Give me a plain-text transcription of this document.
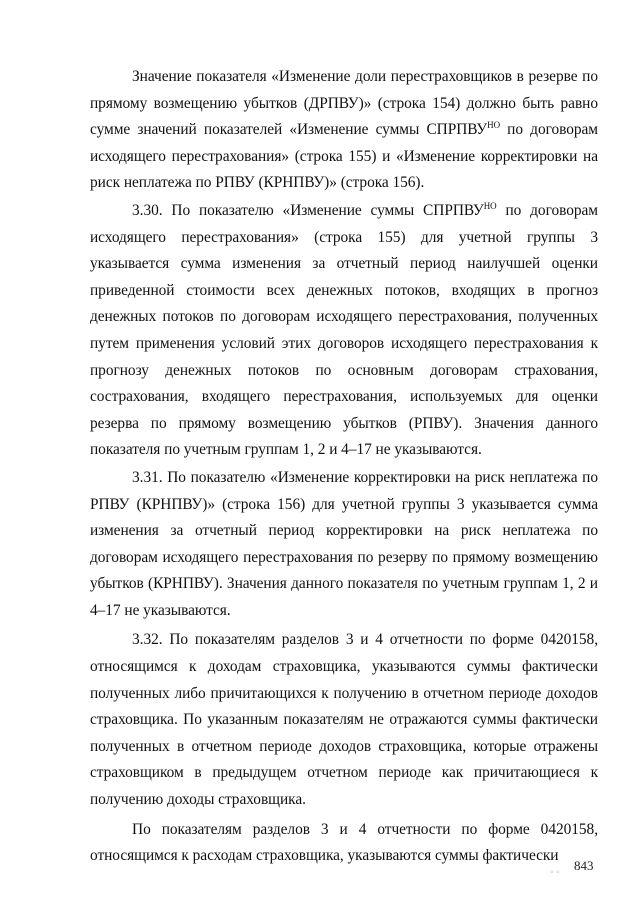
Значение показателя «Изменение доли перестраховщиков в резерве по прямому возмещению убытков (ДРПВУ)» (строка 154) должно быть равно сумме значений показателей «Изменение суммы $СПРПВУ^{НО}$ по договорам исходящего перестрахования» (строка 155) и «Изменение корректировки на риск неплатежа по РПВУ (КРНПВУ)» (строка 156).

3.30. По показателю «Изменение суммы $СПРПВУ^{НО}$ по договорам исходящего перестрахования» (строка 155) для учетной группы 3 указывается сумма изменения за отчетный период наилучшей оценки приведенной стоимости всех денежных потоков, входящих в прогноз денежных потоков по договорам исходящего перестрахования, полученных путем применения условий этих договоров исходящего перестрахования к прогнозу денежных потоков по основным договорам страхования, сострахования, входящего перестрахования, используемых для оценки резерва по прямому возмещению убытков (РПВУ). Значения данного показателя по учетным группам 1, 2 и 4–17 не указываются.

3.31. По показателю «Изменение корректировки на риск неплатежа по РПВУ (КРНПВУ)» (строка 156) для учетной группы 3 указывается сумма изменения за отчетный период корректировки на риск неплатежа по договорам исходящего перестрахования по резерву по прямому возмещению убытков (КРНПВУ). Значения данного показателя по учетным группам 1, 2 и 4–17 не указываются.

3.32. По показателям разделов 3 и 4 отчетности по форме 0420158, относящимся к доходам страховщика, указываются суммы фактически полученных либо причитающихся к получению в отчетном периоде доходов страховщика. По указанным показателям не отражаются суммы фактически полученных в отчетном периоде доходов страховщика, которые отражены страховщиком в предыдущем отчетном периоде как причитающиеся к получению доходы страховщика.

По показателям разделов 3 и 4 отчетности по форме 0420158, относящимся к расходам страховщика, указываются суммы фактически

◦ ◦	843
